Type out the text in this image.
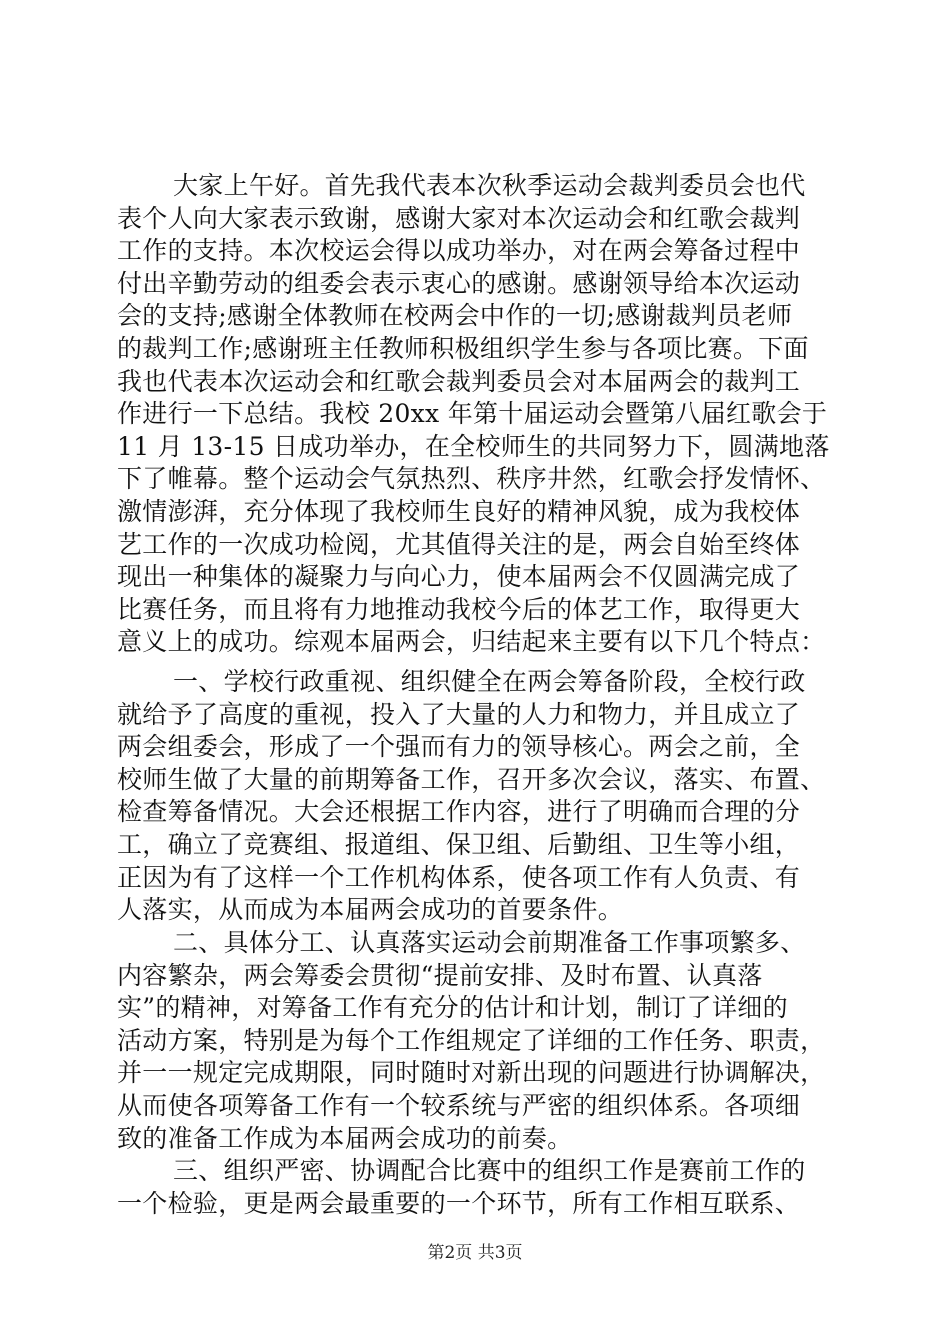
大家上午好。首先我代表本次秋季运动会裁判委员会也代
表个人向大家表示致谢，感谢大家对本次运动会和红歌会裁判
工作的支持。本次校运会得以成功举办，对在两会筹备过程中
付出辛勤劳动的组委会表示衷心的感谢。感谢领导给本次运动
会的支持;感谢全体教师在校两会中作的一切;感谢裁判员老师
的裁判工作;感谢班主任教师积极组织学生参与各项比赛。下面
我也代表本次运动会和红歌会裁判委员会对本届两会的裁判工
作进行一下总结。我校 20xx 年第十届运动会暨第八届红歌会于
11 月 13-15 日成功举办，在全校师生的共同努力下，圆满地落
下了帷幕。整个运动会气氛热烈、秩序井然，红歌会抒发情怀、
激情澎湃，充分体现了我校师生良好的精神风貌，成为我校体
艺工作的一次成功检阅，尤其值得关注的是，两会自始至终体
现出一种集体的凝聚力与向心力，使本届两会不仅圆满完成了
比赛任务，而且将有力地推动我校今后的体艺工作，取得更大
意义上的成功。综观本届两会，归结起来主要有以下几个特点：
一、学校行政重视、组织健全在两会筹备阶段，全校行政
就给予了高度的重视，投入了大量的人力和物力，并且成立了
两会组委会，形成了一个强而有力的领导核心。两会之前，全
校师生做了大量的前期筹备工作，召开多次会议，落实、布置、
检查筹备情况。大会还根据工作内容，进行了明确而合理的分
工，确立了竞赛组、报道组、保卫组、后勤组、卫生等小组，
正因为有了这样一个工作机构体系，使各项工作有人负责、有
人落实，从而成为本届两会成功的首要条件。
二、具体分工、认真落实运动会前期准备工作事项繁多、
内容繁杂，两会筹委会贯彻“提前安排、及时布置、认真落
实”的精神，对筹备工作有充分的估计和计划，制订了详细的
活动方案，特别是为每个工作组规定了详细的工作任务、职责，
并一一规定完成期限，同时随时对新出现的问题进行协调解决，
从而使各项筹备工作有一个较系统与严密的组织体系。各项细
致的准备工作成为本届两会成功的前奏。
三、组织严密、协调配合比赛中的组织工作是赛前工作的
一个检验，更是两会最重要的一个环节，所有工作相互联系、
第2页 共3页
